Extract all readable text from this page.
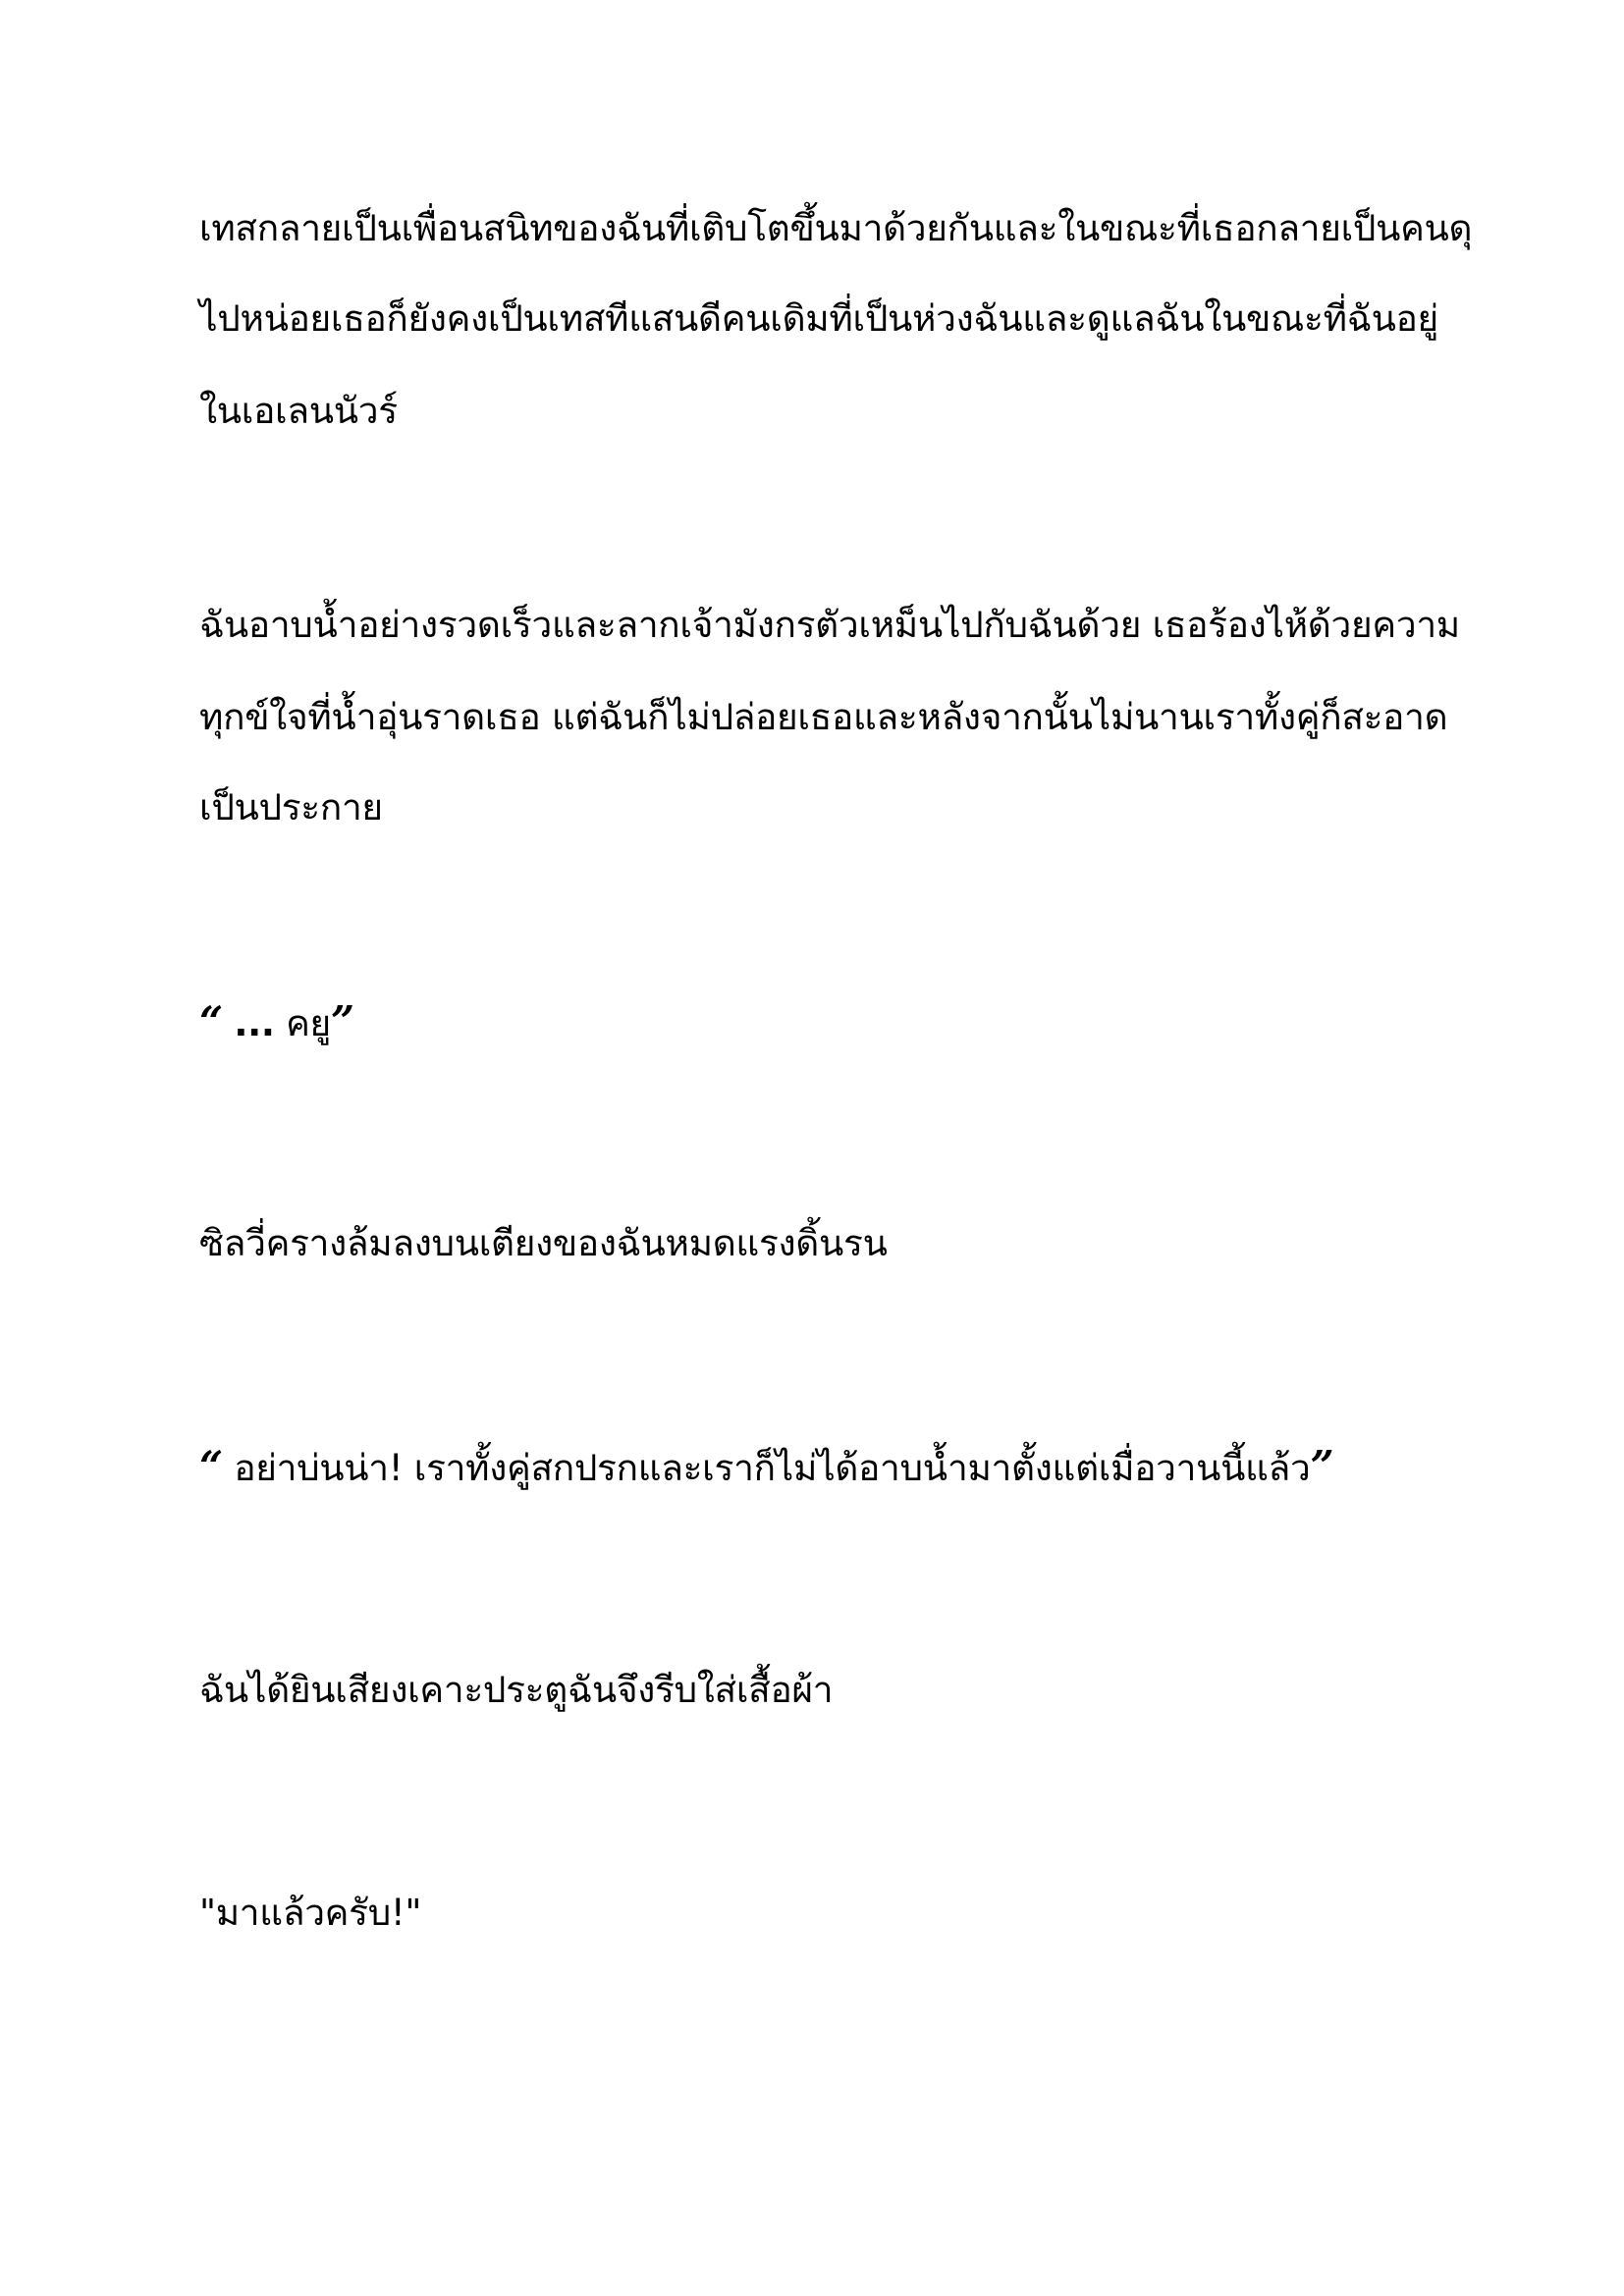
เทสกลายเป็นเพื่อนสนิทของฉันที่เติบโตขึ้นมาด้วยกันและในขณะที่เธอกลายเป็นคนดุ
ไปหน่อยเธอก็ยังคงเป็นเทสทีแสนดีคนเดิมที่เป็นห่วงฉันและดูแลฉันในขณะที่ฉันอยู่
ในเอเลนนัวร์
ฉันอาบน้ำอย่างรวดเร็วและลากเจ้ามังกรตัวเหม็นไปกับฉันด้วย เธอร้องไห้ด้วยความ
ทุกข์ใจที่น้ำอุ่นราดเธอ แต่ฉันก็ไม่ปล่อยเธอและหลังจากนั้นไม่นานเราทั้งคู่ก็สะอาด
เป็นประกาย
“ ... คยู”
ซิลวี่ครางล้มลงบนเตียงของฉันหมดแรงดิ้นรน
“ อย่าบ่นน่า! เราทั้งคู่สกปรกและเราก็ไม่ได้อาบน้ำมาตั้งแต่เมื่อวานนี้แล้ว”
ฉันได้ยินเสียงเคาะประตูฉันจึงรีบใส่เสื้อผ้า
"มาแล้วครับ!"
